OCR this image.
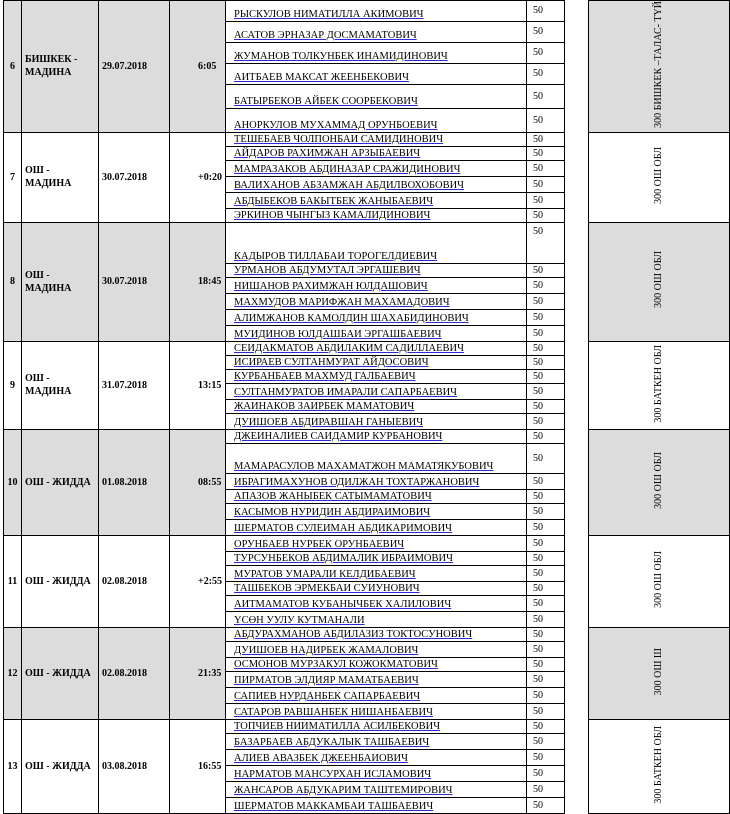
6	БИШКЕК - МАДИНА	29.07.2018	6:05	РЫСКУЛОВ НИМАТИЛЛА АКИМОВИЧ	50		300 БИШКЕК –ТАЛАС- ТҮЙ
				АСАТОВ ЭРНАЗАР ДОСМАМАТОВИЧ	50		
				ЖУМАНОВ ТОЛКУНБЕК ИНАМИДИНОВИЧ	50		
				АИТБАЕВ МАКСАТ ЖЕЕНБЕКОВИЧ	50		
				БАТЫРБЕКОВ АЙБЕК СООРБЕКОВИЧ	50		
				АНОРКУЛОВ МУХАММАД ОРУНБОЕВИЧ	50		
7	ОШ - МАДИНА	30.07.2018	+0:20	ТЕШЕБАЕВ ЧОЛПОНБАИ САМИДИНОВИЧ	50		300 ОШ ОБЛ
				АЙДАРОВ РАХИМЖАН АРЗЫБАЕВИЧ	50		
				МАМРАЗАКОВ АБДИНАЗАР СРАЖИДИНОВИЧ	50		
				ВАЛИХАНОВ АБЗАМЖАН АБДИЛВОХОБОВИЧ	50		
				АБДЫБЕКОВ БАКЫТБЕК ЖАНЫБАЕВИЧ	50		
				ЭРКИНОВ ЧЫНГЫЗ КАМАЛИДИНОВИЧ	50		
8	ОШ - МАДИНА	30.07.2018	18:45	КАДЫРОВ ТИЛЛАБАИ ТОРОГЕЛДИЕВИЧ	50		300 ОШ ОБЛ
				УРМАНОВ АБДУМУТАЛ ЭРГАШЕВИЧ	50		
				НИШАНОВ РАХИМЖАН ЮЛДАШОВИЧ	50		
				МАХМУДОВ МАРИФЖАН МАХАМАДОВИЧ	50		
				АЛИМЖАНОВ КАМОЛДИН ШАХАБИДИНОВИЧ	50		
				МУИДИНОВ ЮЛДАШБАИ ЭРГАШБАЕВИЧ	50		
9	ОШ - МАДИНА	31.07.2018	13:15	СЕИДАКМАТОВ АБДИЛАКИМ САДИЛЛАЕВИЧ	50		300 БАТКЕН ОБЛ
				ИСИРАЕВ СУЛТАНМУРАТ АЙДОСОВИЧ	50		
				КУРБАНБАЕВ МАХМУД ГАЛБАЕВИЧ	50		
				СУЛТАНМУРАТОВ ИМАРАЛИ САПАРБАЕВИЧ	50		
				ЖАИНАКОВ ЗАИРБЕК МАМАТОВИЧ	50		
				ДУИШОЕВ АБДИРАВШАН ГАНЫЕВИЧ	50		
10	ОШ - ЖИДДА	01.08.2018	08:55	ДЖЕИНАЛИЕВ САИДАМИР КУРБАНОВИЧ	50		300 ОШ ОБЛ
				МАМАРАСУЛОВ МАХАМАТЖОН МАМАТЯКУБОВИЧ	50		
				ИБРАГИМАХУНОВ ОДИЛЖАН ТОХТАРЖАНОВИЧ	50		
				АПАЗОВ ЖАНЫБЕК САТЫМАМАТОВИЧ	50		
				КАСЫМОВ НУРИДИН АБДИРАИМОВИЧ	50		
				ШЕРМАТОВ СУЛЕИМАН АБДИКАРИМОВИЧ	50		
11	ОШ - ЖИДДА	02.08.2018	+2:55	ОРУНБАЕВ НУРБЕК ОРУНБАЕВИЧ	50		300 ОШ ОБЛ
				ТУРСУНБЕКОВ АБДИМАЛИК ИБРАИМОВИЧ	50		
				МУРАТОВ УМАРАЛИ КЕЛДИБАЕВИЧ	50		
				ТАШБЕКОВ ЭРМЕКБАИ СУИУНОВИЧ	50		
				АИТМАМАТОВ КУБАНЫЧБЕК ХАЛИЛОВИЧ	50		
				ҮСӨН УУЛУ КУТМАНАЛИ	50		
12	ОШ - ЖИДДА	02.08.2018	21:35	АБДУРАХМАНОВ АБДИЛАЗИЗ ТОКТОСУНОВИЧ	50		300 ОШ Ш
				ДУИШОЕВ НАДИРБЕК ЖАМАЛОВИЧ	50		
				ОСМОНОВ МУРЗАКУЛ КОЖОКМАТОВИЧ	50		
				ПИРМАТОВ ЭЛДИЯР МАМАТБАЕВИЧ	50		
				САПИЕВ НУРДАНБЕК САПАРБАЕВИЧ	50		
				САТАРОВ РАВШАНБЕК НИШАНБАЕВИЧ	50		
13	ОШ - ЖИДДА	03.08.2018	16:55	ТОПЧИЕВ НИИМАТИЛЛА АСИЛБЕКОВИЧ	50		300 БАТКЕН ОБЛ
				БАЗАРБАЕВ АБДУКАЛЫК ТАШБАЕВИЧ	50		
				АЛИЕВ АВАЗБЕК ДЖЕЕНБАИОВИЧ	50		
				НАРМАТОВ МАНСУРХАН ИСЛАМОВИЧ	50		
				ЖАНСАРОВ АБДУКАРИМ ТАШТЕМИРОВИЧ	50		
				ШЕРМАТОВ МАККАМБАИ ТАШБАЕВИЧ	50		
